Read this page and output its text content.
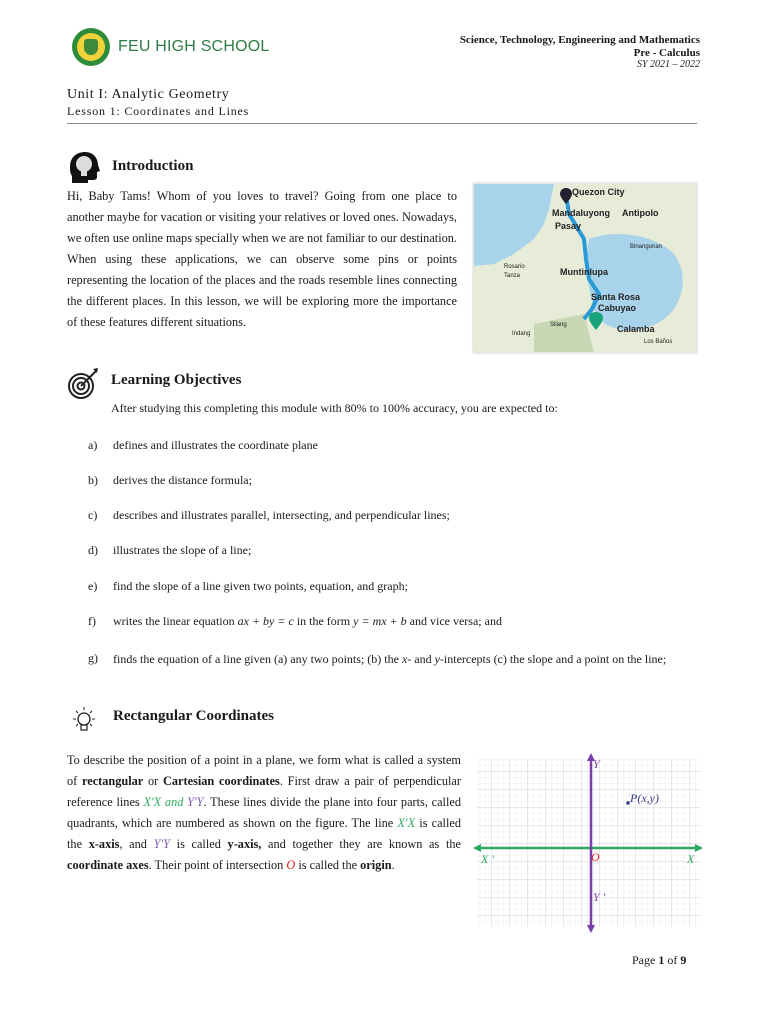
FEU HIGH SCHOOL	Science, Technology, Engineering and Mathematics
Pre - Calculus
SY 2021 – 2022
Unit I: Analytic Geometry
Lesson 1: Coordinates and Lines
Introduction

Hi, Baby Tams! Whom of you loves to travel? Going from one place to another maybe for vacation or visiting your relatives or loved ones. Nowadays, we often use online maps specially when we are not familiar to our destination. When using these applications, we can observe some pins or points representing the location of the places and the roads resemble lines connecting the different places. In this lesson, we will be exploring more the importance of these features different situations.

Quezon City
Mandaluyong Antipolo
Pasay
Muntinlupa
Santa Rosa
Cabuyao
Calamba
Silang
Indang
Rosario
Tanza
Binangonan
Los Baños
Learning Objectives
After studying this completing this module with 80% to 100% accuracy, you are expected to:
a)	defines and illustrates the coordinate plane
b)	derives the distance formula;
c)	describes and illustrates parallel, intersecting, and perpendicular lines;
d)	illustrates the slope of a line;
e)	find the slope of a line given two points, equation, and graph;
f)	writes the linear equation ax + by = c in the form y = mx + b and vice versa; and
g)	finds the equation of a line given (a) any two points; (b) the x- and y-intercepts (c) the slope and a point on the line;
Rectangular Coordinates

To describe the position of a point in a plane, we form what is called a system of rectangular or Cartesian coordinates. First draw a pair of perpendicular reference lines X′X and Y′Y. These lines divide the plane into four parts, called quadrants, which are numbered as shown on the figure. The line X′X is called the x-axis, and Y′Y is called y-axis, and together they are known as the coordinate axes. Their point of intersection O is called the origin.

Y
Y '
X '	X
O
P(x,y)
Page 1 of 9
